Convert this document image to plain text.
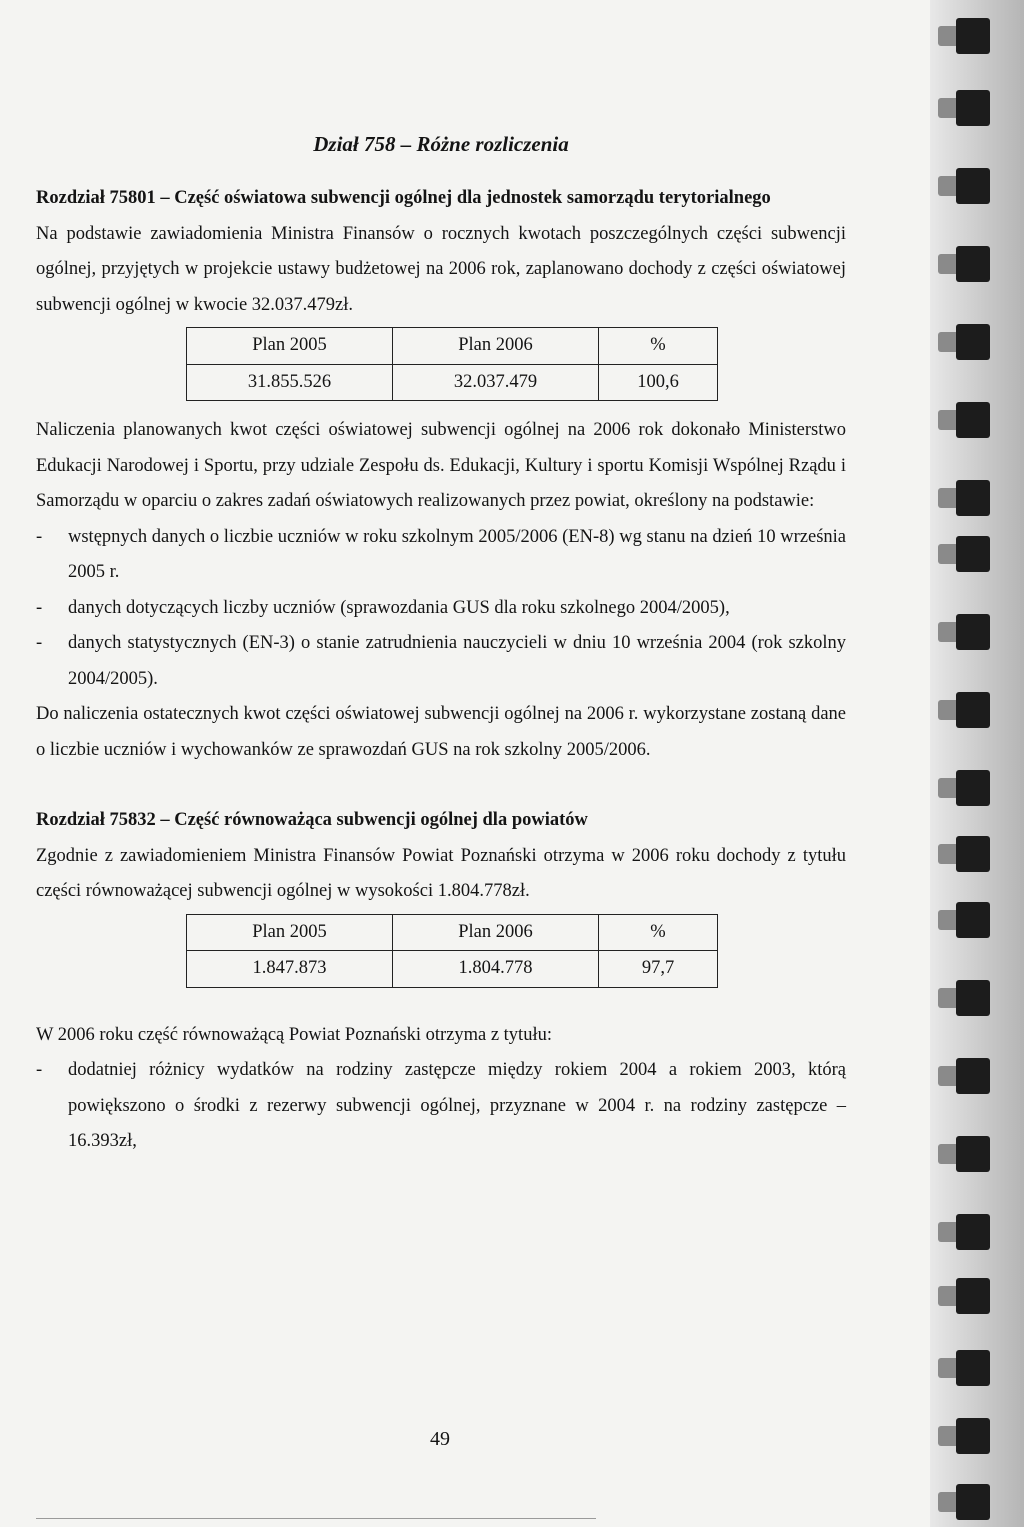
Dział 758 – Różne rozliczenia
Rozdział 75801 – Część oświatowa subwencji ogólnej dla jednostek samorządu terytorialnego

Na podstawie zawiadomienia Ministra Finansów o rocznych kwotach poszczególnych części subwencji ogólnej, przyjętych w projekcie ustawy budżetowej na 2006 rok, zaplanowano dochody z części oświatowej subwencji ogólnej w kwocie 32.037.479zł.

Plan 2005	Plan 2006	%
31.855.526	32.037.479	100,6

Naliczenia planowanych kwot części oświatowej subwencji ogólnej na 2006 rok dokonało Ministerstwo Edukacji Narodowej i Sportu, przy udziale Zespołu ds. Edukacji, Kultury i sportu Komisji Wspólnej Rządu i Samorządu w oparciu o zakres zadań oświatowych realizowanych przez powiat, określony na podstawie:

- wstępnych danych o liczbie uczniów w roku szkolnym 2005/2006 (EN-8) wg stanu na dzień 10 września 2005 r.
- danych dotyczących liczby uczniów (sprawozdania GUS dla roku szkolnego 2004/2005),
- danych statystycznych (EN-3) o stanie zatrudnienia nauczycieli w dniu 10 września 2004 (rok szkolny 2004/2005).

Do naliczenia ostatecznych kwot części oświatowej subwencji ogólnej na 2006 r. wykorzystane zostaną dane o liczbie uczniów i wychowanków ze sprawozdań GUS na rok szkolny 2005/2006.

Rozdział 75832 – Część równoważąca subwencji ogólnej dla powiatów

Zgodnie z zawiadomieniem Ministra Finansów Powiat Poznański otrzyma w 2006 roku dochody z tytułu części równoważącej subwencji ogólnej w wysokości 1.804.778zł.

Plan 2005	Plan 2006	%
1.847.873	1.804.778	97,7

W 2006 roku część równoważącą Powiat Poznański otrzyma z tytułu:

- dodatniej różnicy wydatków na rodziny zastępcze między rokiem 2004 a rokiem 2003, którą powiększono o środki z rezerwy subwencji ogólnej, przyznane w 2004 r. na rodziny zastępcze – 16.393zł,
49
